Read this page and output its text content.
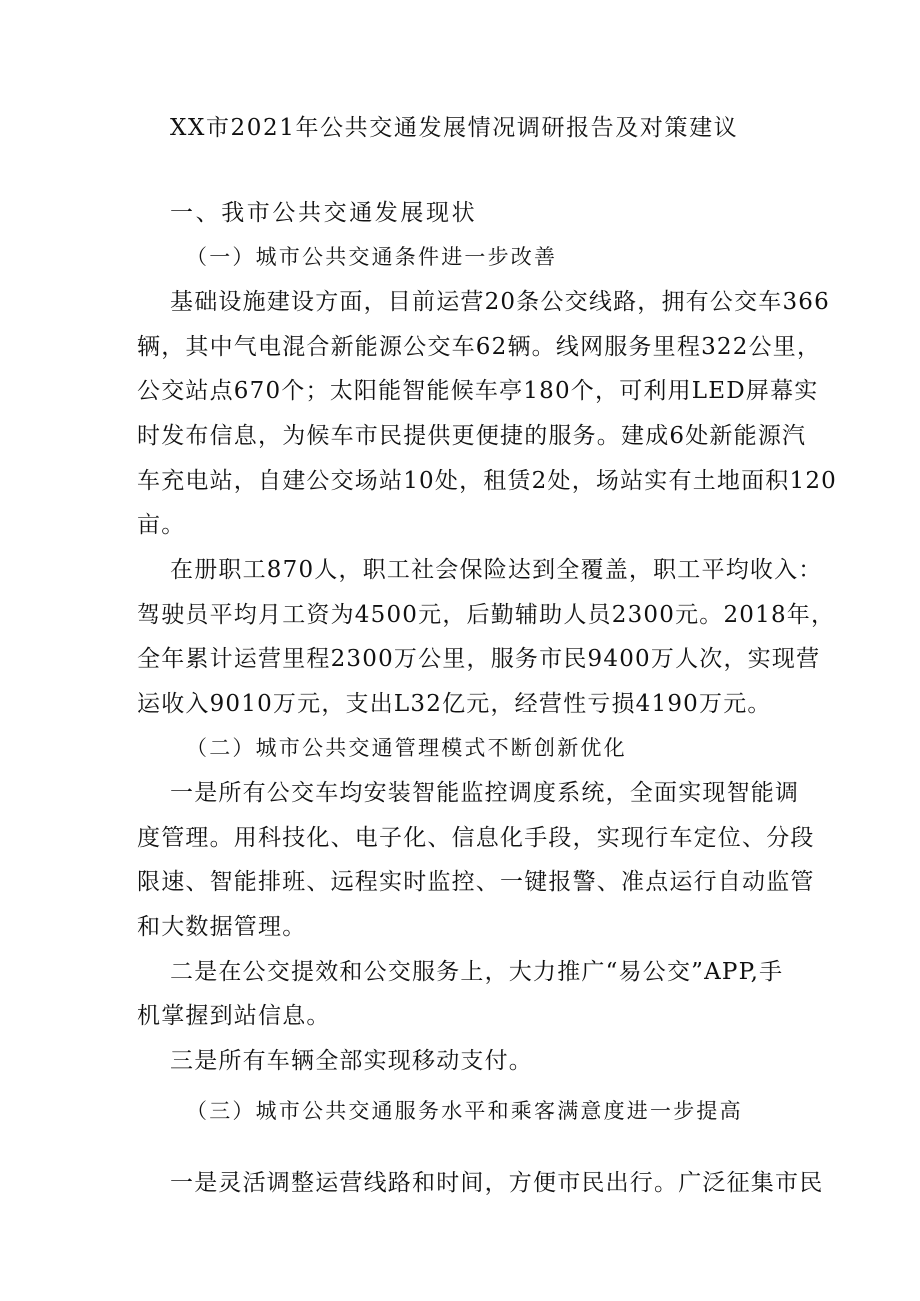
XX市2021年公共交通发展情况调研报告及对策建议

一、我市公共交通发展现状

（一）城市公共交通条件进一步改善

基础设施建设方面，目前运营20条公交线路，拥有公交车366

辆，其中气电混合新能源公交车62辆。线网服务里程322公里，

公交站点670个；太阳能智能候车亭180个，可利用LED屏幕实

时发布信息，为候车市民提供更便捷的服务。建成6处新能源汽

车充电站，自建公交场站10处，租赁2处，场站实有土地面积120

亩。

在册职工870人，职工社会保险达到全覆盖，职工平均收入：

驾驶员平均月工资为4500元，后勤辅助人员2300元。2018年，

全年累计运营里程2300万公里，服务市民9400万人次，实现营

运收入9010万元，支出L32亿元，经营性亏损4190万元。

（二）城市公共交通管理模式不断创新优化

一是所有公交车均安装智能监控调度系统，全面实现智能调

度管理。用科技化、电子化、信息化手段，实现行车定位、分段

限速、智能排班、远程实时监控、一键报警、准点运行自动监管

和大数据管理。

二是在公交提效和公交服务上，大力推广“易公交”APP,手

机掌握到站信息。

三是所有车辆全部实现移动支付。

（三）城市公共交通服务水平和乘客满意度进一步提高

一是灵活调整运营线路和时间，方便市民出行。广泛征集市民
